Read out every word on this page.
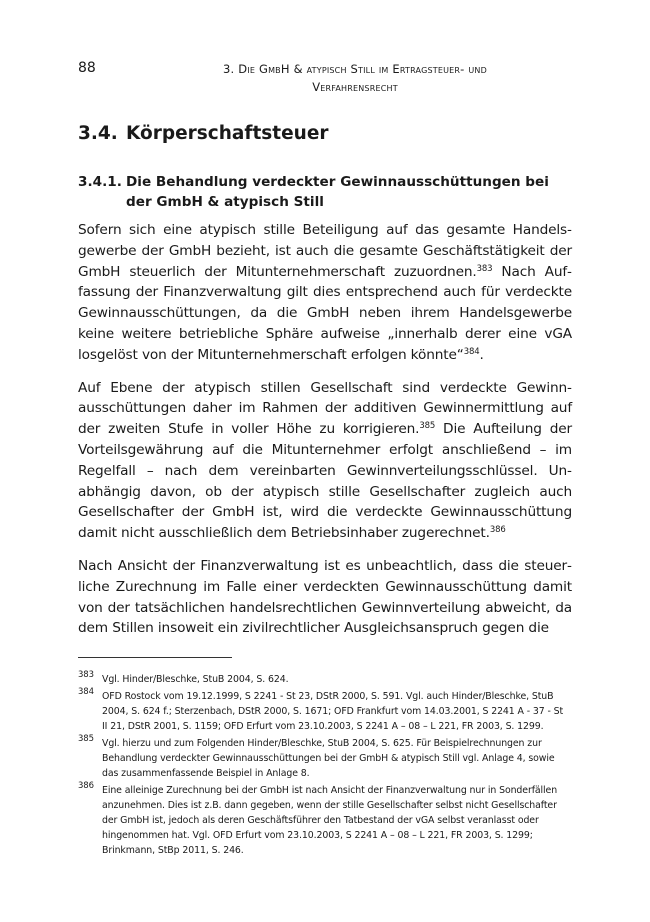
88	3. Die GmbH & atypisch Still im Ertragsteuer- und
Verfahrensrecht
3.4. Körperschaftsteuer
3.4.1. Die Behandlung verdeckter Gewinnausschüttungen bei der GmbH & atypisch Still

Sofern sich eine atypisch stille Beteiligung auf das gesamte Handelsgewerbe der GmbH bezieht, ist auch die gesamte Geschäftstätigkeit der GmbH steuerlich der Mitunternehmerschaft zuzuordnen.$^{383}$ Nach Auffassung der Finanzverwaltung gilt dies entsprechend auch für verdeckte Gewinnausschüttungen, da die GmbH neben ihrem Handelsgewerbe keine weitere betriebliche Sphäre aufweise „innerhalb derer eine vGA losgelöst von der Mitunternehmerschaft erfolgen könnte“$^{384}$.

Auf Ebene der atypisch stillen Gesellschaft sind verdeckte Gewinnausschüttungen daher im Rahmen der additiven Gewinnermittlung auf der zweiten Stufe in voller Höhe zu korrigieren.$^{385}$ Die Aufteilung der Vorteilsgewährung auf die Mitunternehmer erfolgt anschließend – im Regelfall – nach dem vereinbarten Gewinnverteilungsschlüssel. Unabhängig davon, ob der atypisch stille Gesellschafter zugleich auch Gesellschafter der GmbH ist, wird die verdeckte Gewinnausschüttung damit nicht ausschließlich dem Betriebsinhaber zugerechnet.$^{386}$

Nach Ansicht der Finanzverwaltung ist es unbeachtlich, dass die steuerliche Zurechnung im Falle einer verdeckten Gewinnausschüttung damit von der tatsächlichen handelsrechtlichen Gewinnverteilung abweicht, da dem Stillen insoweit ein zivilrechtlicher Ausgleichsanspruch gegen die

383 Vgl. Hinder/Bleschke, StuB 2004, S. 624.
384 OFD Rostock vom 19.12.1999, S 2241 - St 23, DStR 2000, S. 591. Vgl. auch Hinder/Bleschke, StuB 2004, S. 624 f.; Sterzenbach, DStR 2000, S. 1671; OFD Frankfurt vom 14.03.2001, S 2241 A - 37 - St II 21, DStR 2001, S. 1159; OFD Erfurt vom 23.10.2003, S 2241 A – 08 – L 221, FR 2003, S. 1299.
385 Vgl. hierzu und zum Folgenden Hinder/Bleschke, StuB 2004, S. 625. Für Beispielrechnungen zur Behandlung verdeckter Gewinnausschüttungen bei der GmbH & atypisch Still vgl. Anlage 4, sowie das zusammenfassende Beispiel in Anlage 8.
386 Eine alleinige Zurechnung bei der GmbH ist nach Ansicht der Finanzverwaltung nur in Sonderfällen anzunehmen. Dies ist z.B. dann gegeben, wenn der stille Gesellschafter selbst nicht Gesellschafter der GmbH ist, jedoch als deren Geschäftsführer den Tatbestand der vGA selbst veranlasst oder hingenommen hat. Vgl. OFD Erfurt vom 23.10.2003, S 2241 A – 08 – L 221, FR 2003, S. 1299; Brinkmann, StBp 2011, S. 246.
